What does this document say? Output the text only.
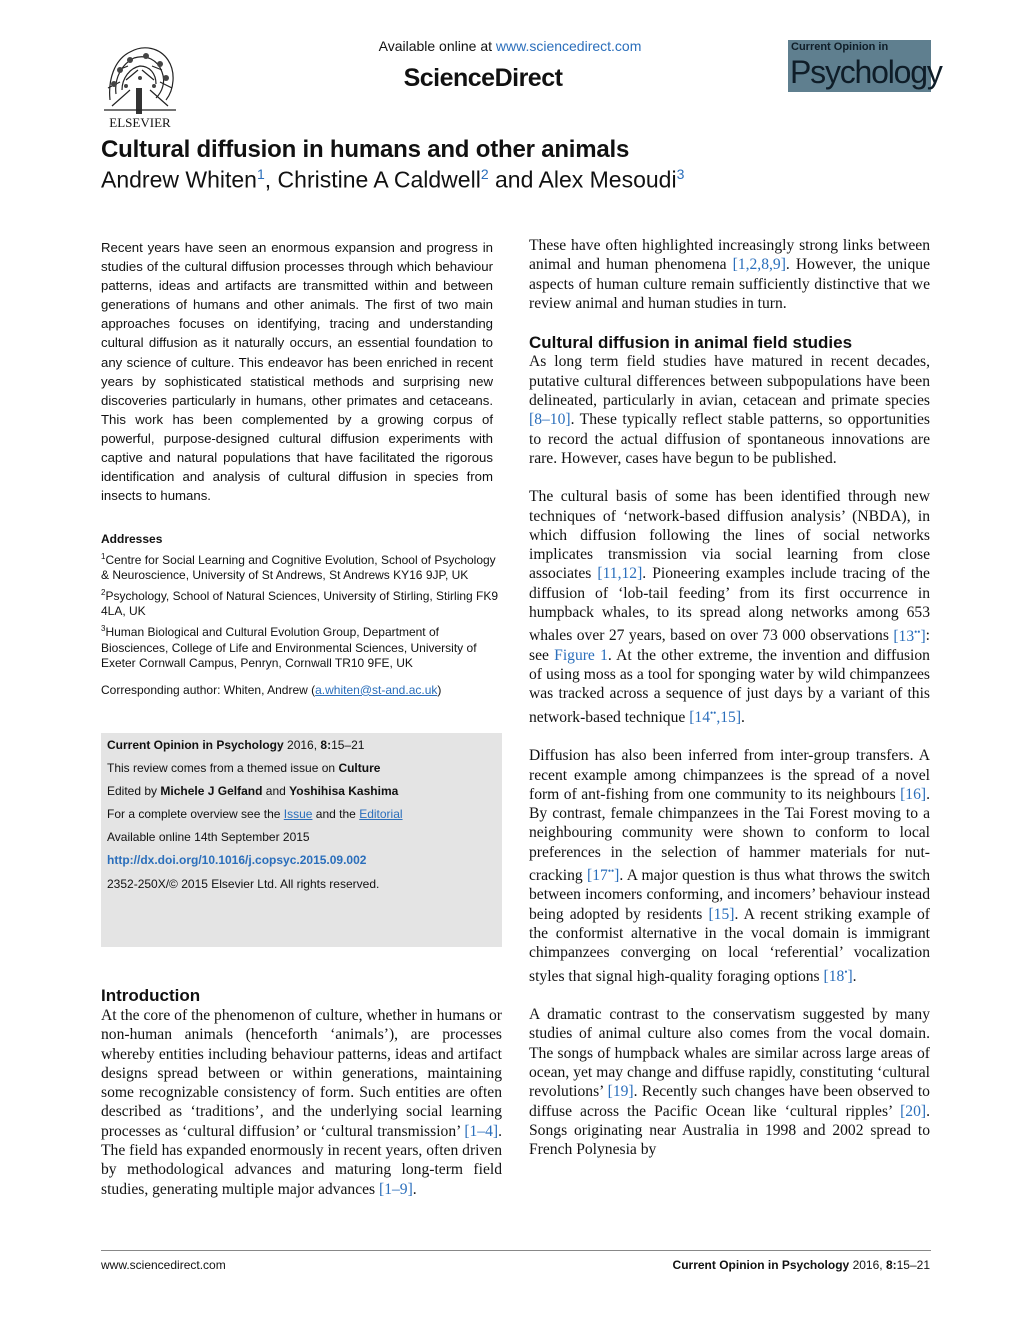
ELSEVIER
Available online at www.sciencedirect.com
ScienceDirect
Current Opinion in
Psychology
Cultural diffusion in humans and other animals
Andrew Whiten$^1$, Christine A Caldwell$^2$ and Alex Mesoudi$^3$
Recent years have seen an enormous expansion and progress in studies of the cultural diffusion processes through which behaviour patterns, ideas and artifacts are transmitted within and between generations of humans and other animals. The first of two main approaches focuses on identifying, tracing and understanding cultural diffusion as it naturally occurs, an essential foundation to any science of culture. This endeavor has been enriched in recent years by sophisticated statistical methods and surprising new discoveries particularly in humans, other primates and cetaceans. This work has been complemented by a growing corpus of powerful, purpose-designed cultural diffusion experiments with captive and natural populations that have facilitated the rigorous identification and analysis of cultural diffusion in species from insects to humans.
Addresses
$^1$Centre for Social Learning and Cognitive Evolution, School of Psychology & Neuroscience, University of St Andrews, St Andrews KY16 9JP, UK
$^2$Psychology, School of Natural Sciences, University of Stirling, Stirling FK9 4LA, UK
$^3$Human Biological and Cultural Evolution Group, Department of Biosciences, College of Life and Environmental Sciences, University of Exeter Cornwall Campus, Penryn, Cornwall TR10 9FE, UK
Corresponding author: Whiten, Andrew (a.whiten@st-and.ac.uk)
Current Opinion in Psychology 2016, 8:15–21
This review comes from a themed issue on Culture
Edited by Michele J Gelfand and Yoshihisa Kashima
For a complete overview see the Issue and the Editorial
Available online 14th September 2015
http://dx.doi.org/10.1016/j.copsyc.2015.09.002
2352-250X/© 2015 Elsevier Ltd. All rights reserved.
Introduction
At the core of the phenomenon of culture, whether in humans or non-human animals (henceforth ‘animals’), are processes whereby entities including behaviour patterns, ideas and artifact designs spread between or within generations, maintaining some recognizable consistency of form. Such entities are often described as ‘traditions’, and the underlying social learning processes as ‘cultural diffusion’ or ‘cultural transmission’ [1–4]. The field has expanded enormously in recent years, often driven by methodological advances and maturing long-term field studies, generating multiple major advances [1–9].

These have often highlighted increasingly strong links between animal and human phenomena [1,2,8,9]. However, the unique aspects of human culture remain sufficiently distinctive that we review animal and human studies in turn.

Cultural diffusion in animal field studies

As long term field studies have matured in recent decades, putative cultural differences between subpopulations have been delineated, particularly in avian, cetacean and primate species [8–10]. These typically reflect stable patterns, so opportunities to record the actual diffusion of spontaneous innovations are rare. However, cases have begun to be published.

The cultural basis of some has been identified through new techniques of ‘network-based diffusion analysis’ (NBDA), in which diffusion following the lines of social networks implicates transmission via social learning from close associates [11,12]. Pioneering examples include tracing of the diffusion of ‘lob-tail feeding’ from its first occurrence in humpback whales, to its spread along networks among 653 whales over 27 years, based on over 73 000 observations [13••]: see Figure 1. At the other extreme, the invention and diffusion of using moss as a tool for sponging water by wild chimpanzees was tracked across a sequence of just days by a variant of this network-based technique [14••,15].

Diffusion has also been inferred from inter-group transfers. A recent example among chimpanzees is the spread of a novel form of ant-fishing from one community to its neighbours [16]. By contrast, female chimpanzees in the Tai Forest moving to a neighbouring community were shown to conform to local preferences in the selection of hammer materials for nut-cracking [17••]. A major question is thus what throws the switch between incomers conforming, and incomers’ behaviour instead being adopted by residents [15]. A recent striking example of the conformist alternative in the vocal domain is immigrant chimpanzees converging on local ‘referential’ vocalization styles that signal high-quality foraging options [18•].

A dramatic contrast to the conservatism suggested by many studies of animal culture also comes from the vocal domain. The songs of humpback whales are similar across large areas of ocean, yet may change and diffuse rapidly, constituting ‘cultural revolutions’ [19]. Recently such changes have been observed to diffuse across the Pacific Ocean like ‘cultural ripples’ [20]. Songs originating near Australia in 1998 and 2002 spread to French Polynesia by

www.sciencedirect.com	Current Opinion in Psychology 2016, 8:15–21
